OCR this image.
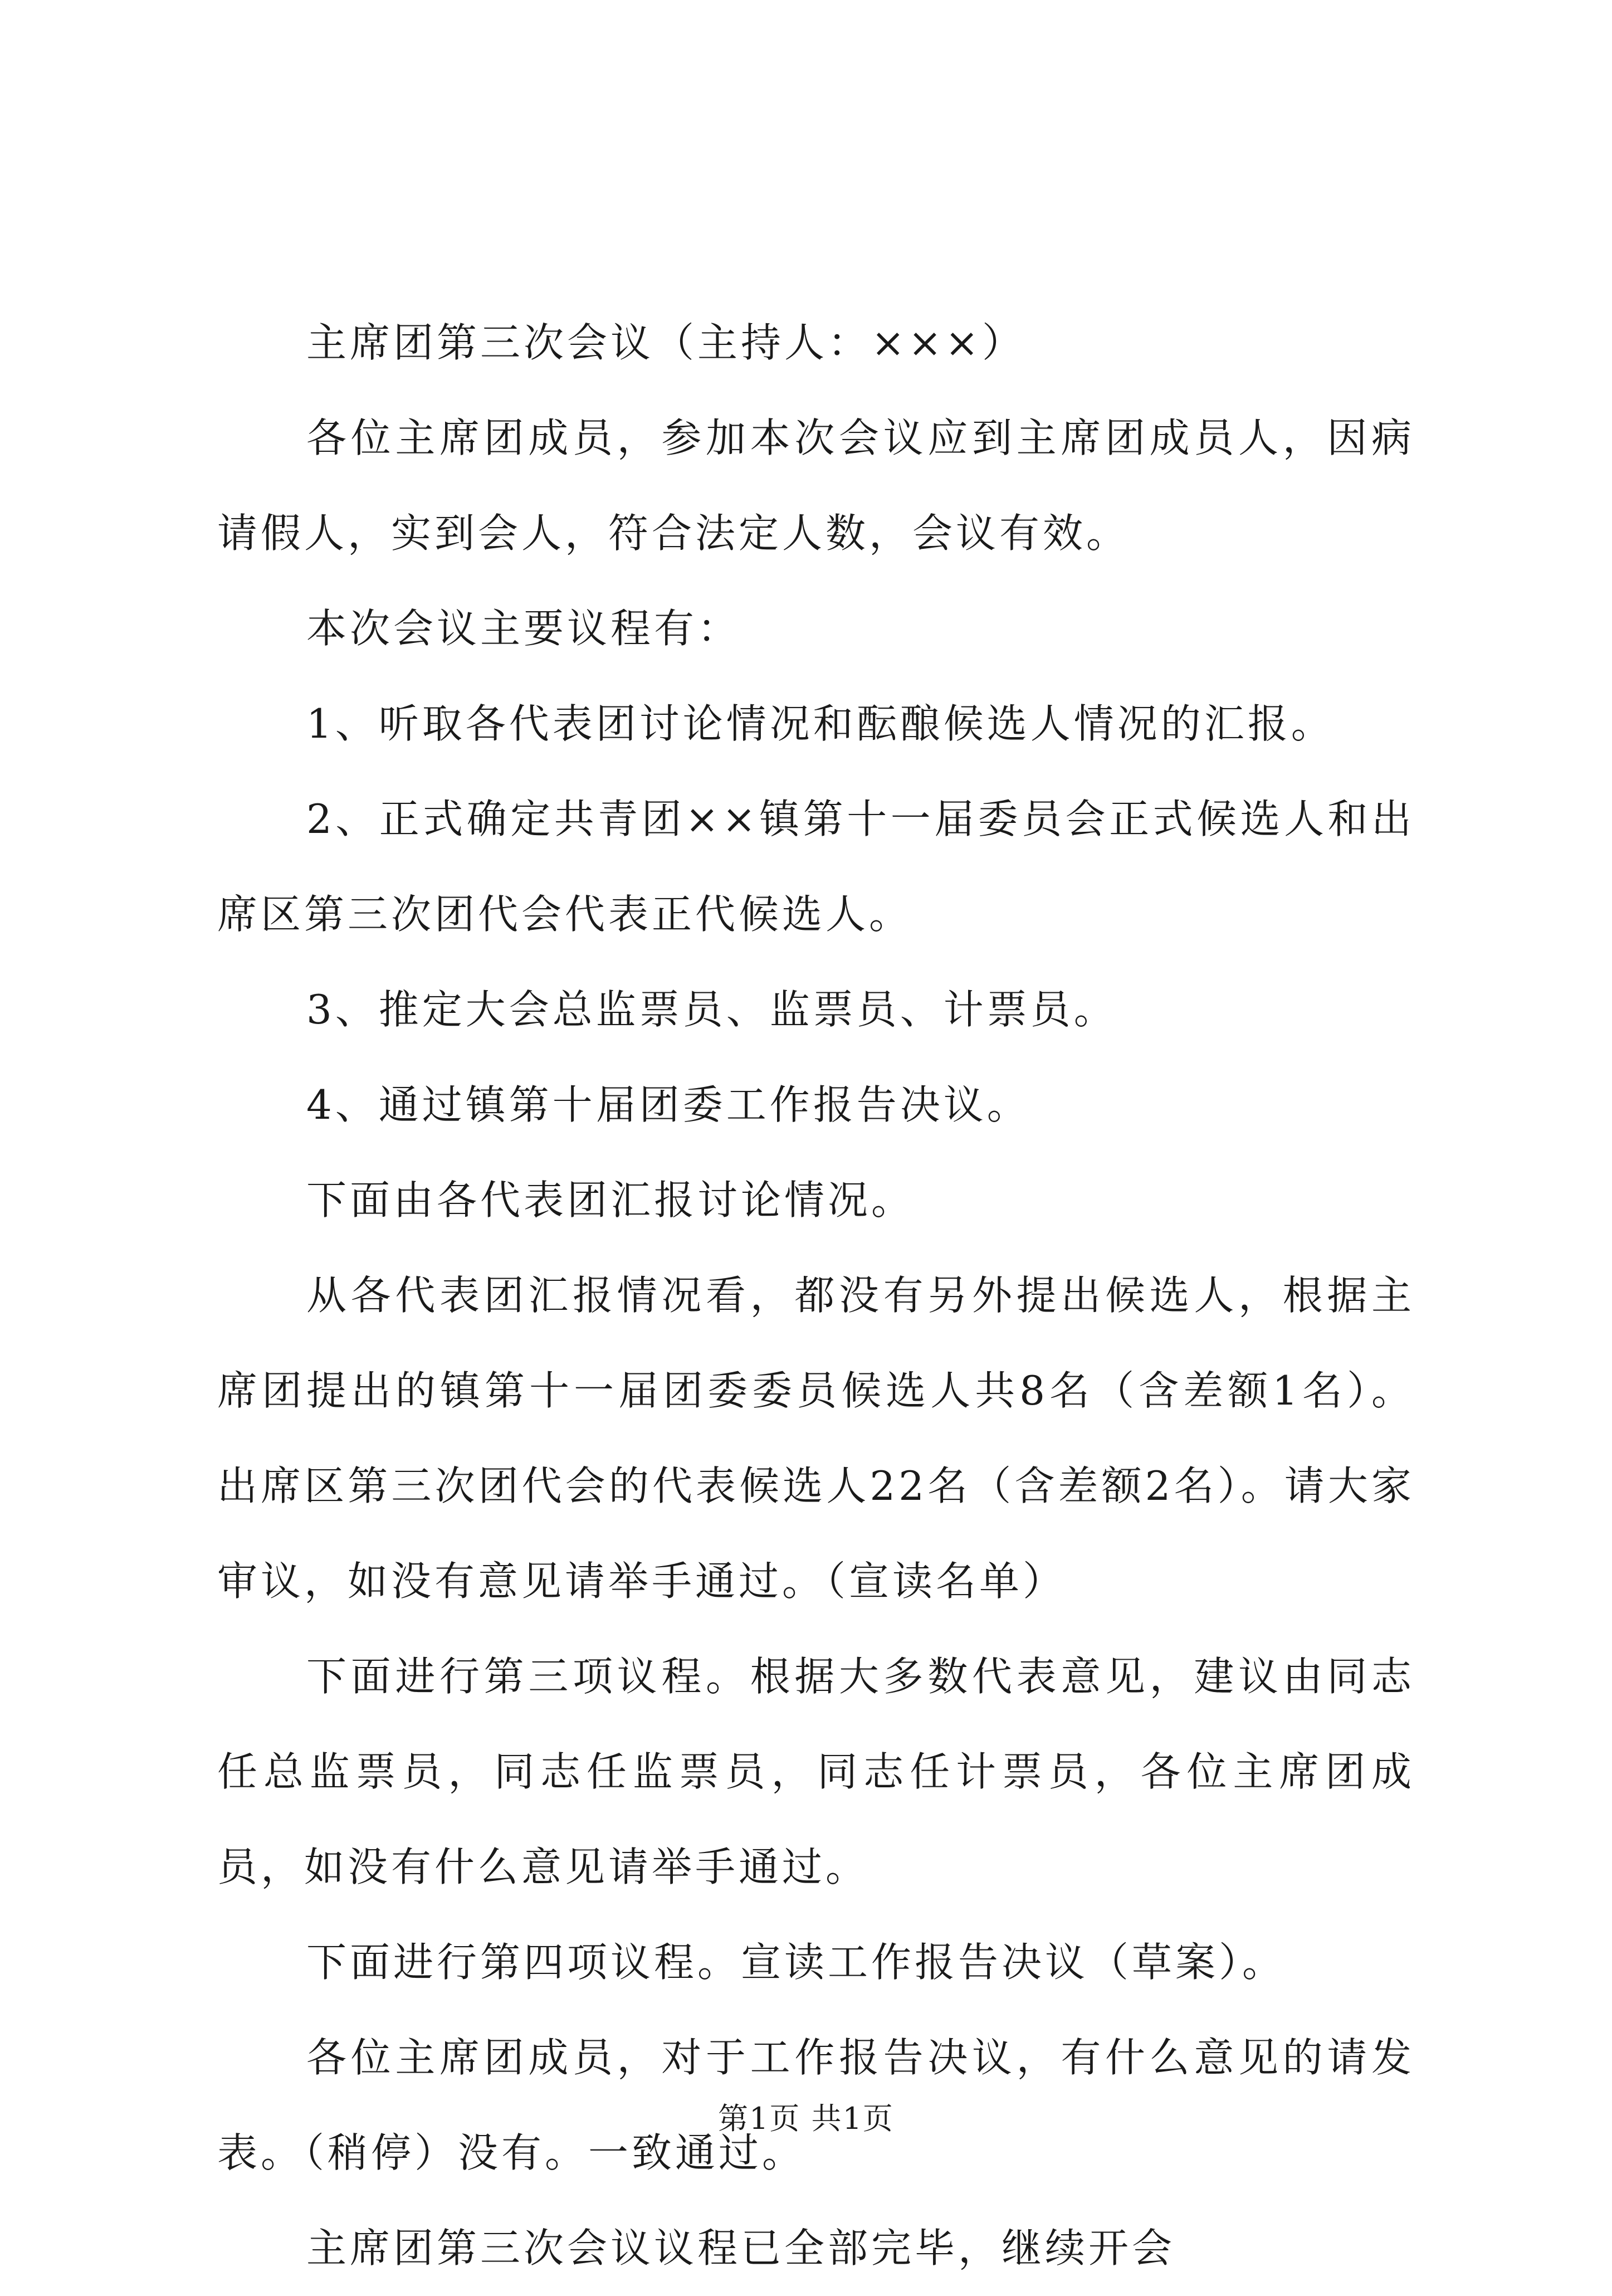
主席团第三次会议（主持人：×××）

各位主席团成员，参加本次会议应到主席团成员人，因病请假人，实到会人，符合法定人数，会议有效。

本次会议主要议程有：

1、听取各代表团讨论情况和酝酿候选人情况的汇报。

2、正式确定共青团××镇第十一届委员会正式候选人和出席区第三次团代会代表正代候选人。

3、推定大会总监票员、监票员、计票员。

4、通过镇第十届团委工作报告决议。

下面由各代表团汇报讨论情况。

从各代表团汇报情况看，都没有另外提出候选人，根据主席团提出的镇第十一届团委委员候选人共8名（含差额1名）。出席区第三次团代会的代表候选人22名（含差额2名）。请大家审议，如没有意见请举手通过。（宣读名单）

下面进行第三项议程。根据大多数代表意见，建议由同志任总监票员，同志任监票员，同志任计票员，各位主席团成员，如没有什么意见请举手通过。

下面进行第四项议程。宣读工作报告决议（草案）。

各位主席团成员，对于工作报告决议，有什么意见的请发表。（稍停）没有。一致通过。

主席团第三次会议议程已全部完毕，继续开会

第1页 共1页
